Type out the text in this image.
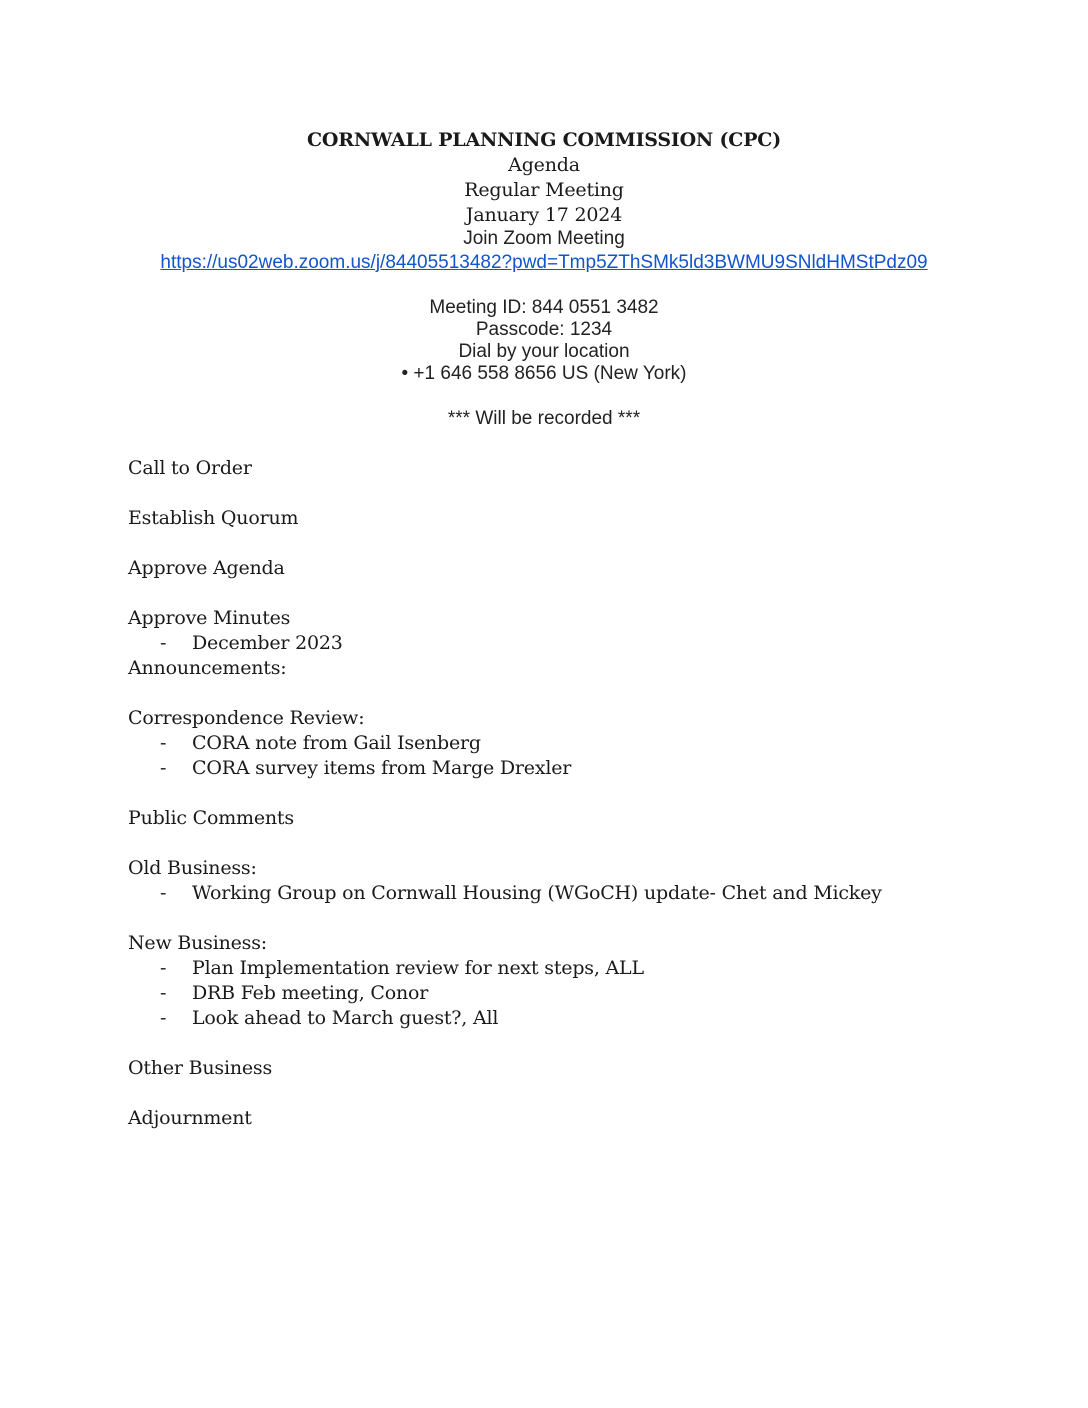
CORNWALL PLANNING COMMISSION (CPC)
Agenda
Regular Meeting
January 17 2024
Join Zoom Meeting
https://us02web.zoom.us/j/84405513482?pwd=Tmp5ZThSMk5ld3BWMU9SNldHMStPdz09
Meeting ID: 844 0551 3482
Passcode: 1234
Dial by your location
• +1 646 558 8656 US (New York)
*** Will be recorded ***
Call to Order
Establish Quorum
Approve Agenda
Approve Minutes
- December 2023
Announcements:
Correspondence Review:
- CORA note from Gail Isenberg
- CORA survey items from Marge Drexler
Public Comments
Old Business:
- Working Group on Cornwall Housing (WGoCH) update- Chet and Mickey
New Business:
- Plan Implementation review for next steps, ALL
- DRB Feb meeting, Conor
- Look ahead to March guest?, All
Other Business
Adjournment
